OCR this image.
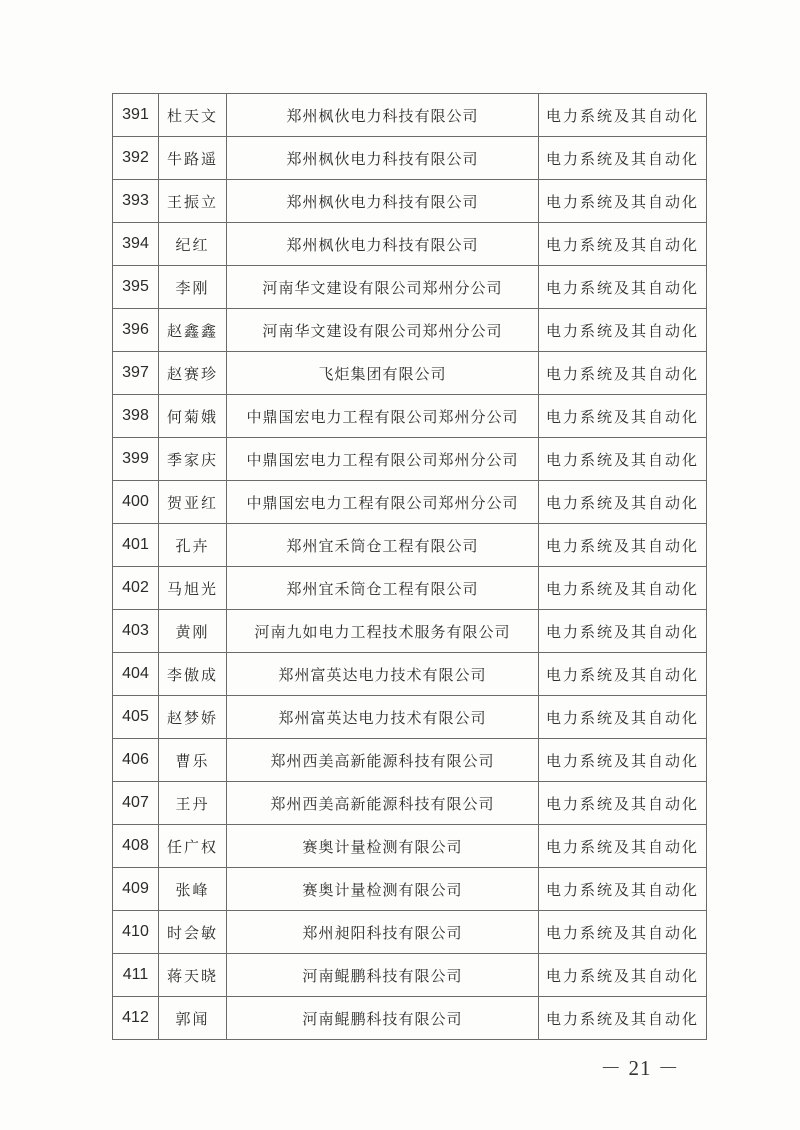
391	杜天文	郑州枫伙电力科技有限公司	电力系统及其自动化
392	牛路遥	郑州枫伙电力科技有限公司	电力系统及其自动化
393	王振立	郑州枫伙电力科技有限公司	电力系统及其自动化
394	纪红	郑州枫伙电力科技有限公司	电力系统及其自动化
395	李刚	河南华文建设有限公司郑州分公司	电力系统及其自动化
396	赵鑫鑫	河南华文建设有限公司郑州分公司	电力系统及其自动化
397	赵赛珍	飞炬集团有限公司	电力系统及其自动化
398	何菊娥	中鼎国宏电力工程有限公司郑州分公司	电力系统及其自动化
399	季家庆	中鼎国宏电力工程有限公司郑州分公司	电力系统及其自动化
400	贺亚红	中鼎国宏电力工程有限公司郑州分公司	电力系统及其自动化
401	孔卉	郑州宜禾筒仓工程有限公司	电力系统及其自动化
402	马旭光	郑州宜禾筒仓工程有限公司	电力系统及其自动化
403	黄刚	河南九如电力工程技术服务有限公司	电力系统及其自动化
404	李傲成	郑州富英达电力技术有限公司	电力系统及其自动化
405	赵梦娇	郑州富英达电力技术有限公司	电力系统及其自动化
406	曹乐	郑州西美高新能源科技有限公司	电力系统及其自动化
407	王丹	郑州西美高新能源科技有限公司	电力系统及其自动化
408	任广权	赛奥计量检测有限公司	电力系统及其自动化
409	张峰	赛奥计量检测有限公司	电力系统及其自动化
410	时会敏	郑州昶阳科技有限公司	电力系统及其自动化
411	蒋天晓	河南鲲鹏科技有限公司	电力系统及其自动化
412	郭闻	河南鲲鹏科技有限公司	电力系统及其自动化
－ 21 －
